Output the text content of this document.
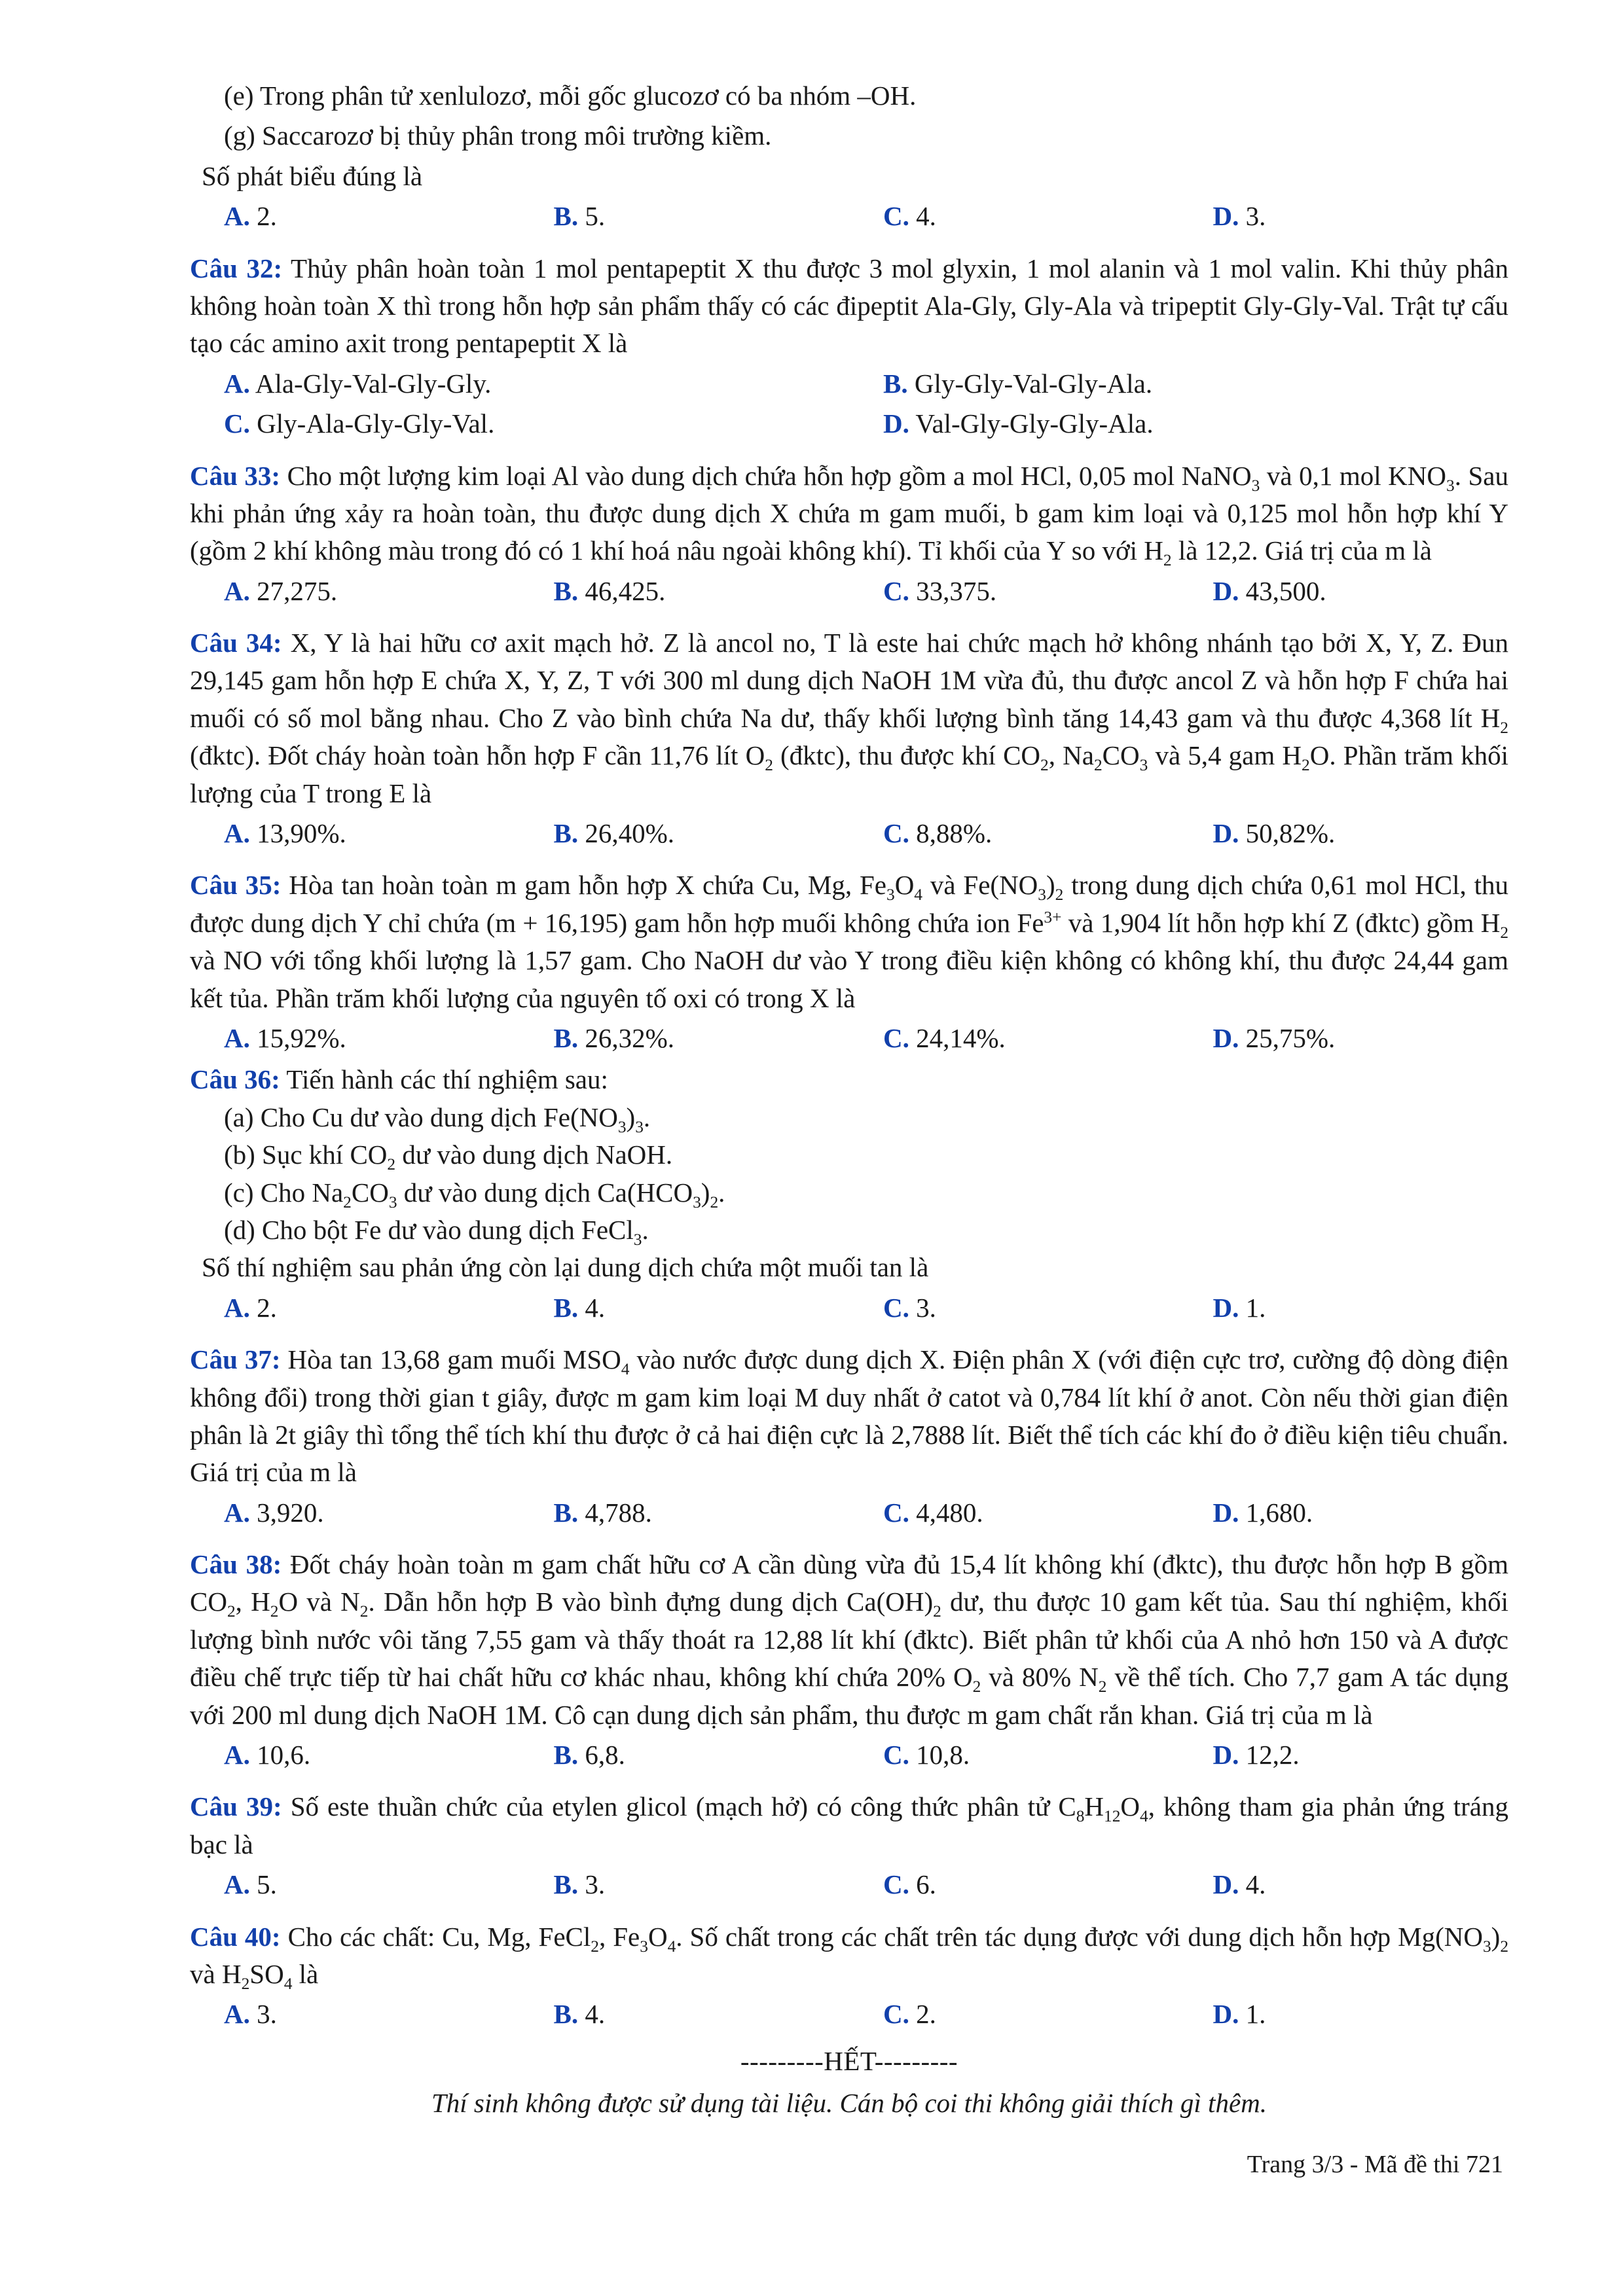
(e) Trong phân tử xenlulozơ, mỗi gốc glucozơ có ba nhóm –OH.
(g) Saccarozơ bị thủy phân trong môi trường kiềm.
Số phát biểu đúng là
A. 2.	B. 5.	C. 4.	D. 3.
Câu 32: Thủy phân hoàn toàn 1 mol pentapeptit X thu được 3 mol glyxin, 1 mol alanin và 1 mol valin. Khi thủy phân không hoàn toàn X thì trong hỗn hợp sản phẩm thấy có các đipeptit Ala-Gly, Gly-Ala và tripeptit Gly-Gly-Val. Trật tự cấu tạo các amino axit trong pentapeptit X là
A. Ala-Gly-Val-Gly-Gly.	B. Gly-Gly-Val-Gly-Ala.
C. Gly-Ala-Gly-Gly-Val.	D. Val-Gly-Gly-Gly-Ala.
Câu 33: Cho một lượng kim loại Al vào dung dịch chứa hỗn hợp gồm a mol HCl, 0,05 mol NaNO$_3$ và 0,1 mol $KNO_3$. Sau khi phản ứng xảy ra hoàn toàn, thu được dung dịch X chứa m gam muối, b gam kim loại và 0,125 mol hỗn hợp khí Y (gồm 2 khí không màu trong đó có 1 khí hoá nâu ngoài không khí). Tỉ khối của Y so với $H_2$ là 12,2. Giá trị của m là
A. 27,275.	B. 46,425.	C. 33,375.	D. 43,500.
Câu 34: X, Y là hai hữu cơ axit mạch hở. Z là ancol no, T là este hai chức mạch hở không nhánh tạo bởi X, Y, Z. Đun 29,145 gam hỗn hợp E chứa X, Y, Z, T với 300 ml dung dịch NaOH 1M vừa đủ, thu được ancol Z và hỗn hợp F chứa hai muối có số mol bằng nhau. Cho Z vào bình chứa Na dư, thấy khối lượng bình tăng 14,43 gam và thu được 4,368 lít $H_2$ (đktc). Đốt cháy hoàn toàn hỗn hợp F cần 11,76 lít $O_2$ (đktc), thu được khí $CO_2$, $Na_2CO_3$ và 5,4 gam $H_2O$. Phần trăm khối lượng của T trong E là
A. 13,90%.	B. 26,40%.	C. 8,88%.	D. 50,82%.
Câu 35: Hòa tan hoàn toàn m gam hỗn hợp X chứa Cu, Mg, $Fe_3O_4$ và $Fe(NO_3)_2$ trong dung dịch chứa 0,61 mol HCl, thu được dung dịch Y chỉ chứa (m + 16,195) gam hỗn hợp muối không chứa ion $Fe^{3+}$ và 1,904 lít hỗn hợp khí Z (đktc) gồm $H_2$ và NO với tổng khối lượng là 1,57 gam. Cho NaOH dư vào Y trong điều kiện không có không khí, thu được 24,44 gam kết tủa. Phần trăm khối lượng của nguyên tố oxi có trong X là
A. 15,92%.	B. 26,32%.	C. 24,14%.	D. 25,75%.
Câu 36: Tiến hành các thí nghiệm sau:
(a) Cho Cu dư vào dung dịch $Fe(NO_3)_3$.
(b) Sục khí $CO_2$ dư vào dung dịch NaOH.
(c) Cho $Na_2CO_3$ dư vào dung dịch $Ca(HCO_3)_2$.
(d) Cho bột Fe dư vào dung dịch FeCl$_3$.
Số thí nghiệm sau phản ứng còn lại dung dịch chứa một muối tan là
A. 2.	B. 4.	C. 3.	D. 1.
Câu 37: Hòa tan 13,68 gam muối $MSO_4$ vào nước được dung dịch X. Điện phân X (với điện cực trơ, cường độ dòng điện không đổi) trong thời gian t giây, được m gam kim loại M duy nhất ở catot và 0,784 lít khí ở anot. Còn nếu thời gian điện phân là 2t giây thì tổng thể tích khí thu được ở cả hai điện cực là 2,7888 lít. Biết thể tích các khí đo ở điều kiện tiêu chuẩn. Giá trị của m là
A. 3,920.	B. 4,788.	C. 4,480.	D. 1,680.
Câu 38: Đốt cháy hoàn toàn m gam chất hữu cơ A cần dùng vừa đủ 15,4 lít không khí (đktc), thu được hỗn hợp B gồm $CO_2$, $H_2O$ và $N_2$. Dẫn hỗn hợp B vào bình đựng dung dịch $Ca(OH)_2$ dư, thu được 10 gam kết tủa. Sau thí nghiệm, khối lượng bình nước vôi tăng 7,55 gam và thấy thoát ra 12,88 lít khí (đktc). Biết phân tử khối của A nhỏ hơn 150 và A được điều chế trực tiếp từ hai chất hữu cơ khác nhau, không khí chứa 20% $O_2$ và 80% $N_2$ về thể tích. Cho 7,7 gam A tác dụng với 200 ml dung dịch NaOH 1M. Cô cạn dung dịch sản phẩm, thu được m gam chất rắn khan. Giá trị của m là
A. 10,6.	B. 6,8.	C. 10,8.	D. 12,2.
Câu 39: Số este thuần chức của etylen glicol (mạch hở) có công thức phân tử $C_8H_{12}O_4$, không tham gia phản ứng tráng bạc là
A. 5.	B. 3.	C. 6.	D. 4.
Câu 40: Cho các chất: Cu, Mg, FeCl$_2$, $Fe_3O_4$. Số chất trong các chất trên tác dụng được với dung dịch hỗn hợp $Mg(NO_3)_2$ và $H_2SO_4$ là
A. 3.	B. 4.	C. 2.	D. 1.
---------HẾT---------
Thí sinh không được sử dụng tài liệu. Cán bộ coi thi không giải thích gì thêm.
Trang 3/3 - Mã đề thi 721
